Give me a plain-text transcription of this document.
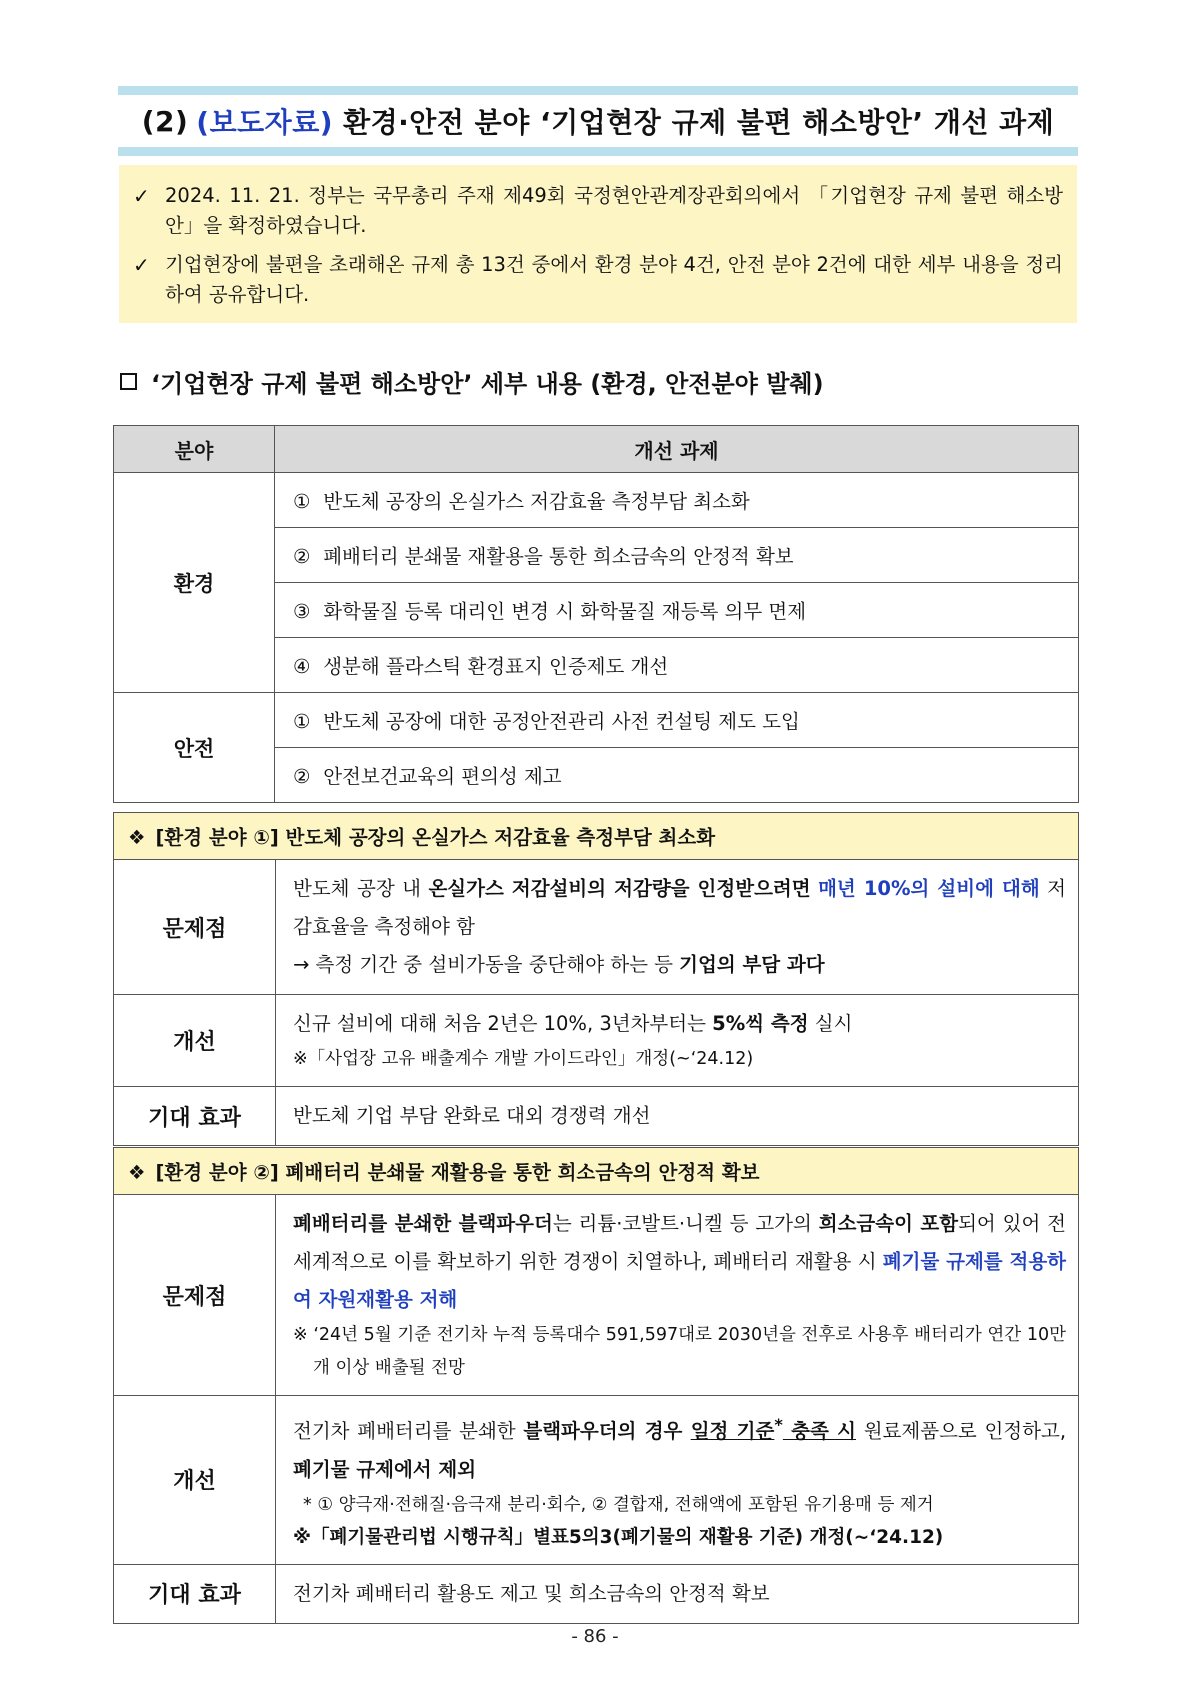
(2) (보도자료) 환경·안전 분야 ‘기업현장 규제 불편 해소방안’ 개선 과제
✓ 2024. 11. 21. 정부는 국무총리 주재 제49회 국정현안관계장관회의에서 「기업현장 규제 불편 해소방안」을 확정하였습니다.
✓ 기업현장에 불편을 초래해온 규제 총 13건 중에서 환경 분야 4건, 안전 분야 2건에 대한 세부 내용을 정리하여 공유합니다.
‘기업현장 규제 불편 해소방안’ 세부 내용 (환경, 안전분야 발췌)
분야	개선 과제
환경	① 반도체 공장의 온실가스 저감효율 측정부담 최소화
	② 폐배터리 분쇄물 재활용을 통한 희소금속의 안정적 확보
	③ 화학물질 등록 대리인 변경 시 화학물질 재등록 의무 면제
	④ 생분해 플라스틱 환경표지 인증제도 개선
안전	① 반도체 공장에 대한 공정안전관리 사전 컨설팅 제도 도입
	② 안전보건교육의 편의성 제고
❖ [환경 분야 ①] 반도체 공장의 온실가스 저감효율 측정부담 최소화	
문제점	반도체 공장 내 온실가스 저감설비의 저감량을 인정받으려면 매년 10%의 설비에 대해 저감효율을 측정해야 함
→ 측정 기간 중 설비가동을 중단해야 하는 등 기업의 부담 과다

개선	신규 설비에 대해 처음 2년은 10%, 3년차부터는 5%씩 측정 실시
※「사업장 고유 배출계수 개발 가이드라인」개정(~‘24.12)

기대 효과	반도체 기업 부담 완화로 대외 경쟁력 개선
❖ [환경 분야 ②] 폐배터리 분쇄물 재활용을 통한 희소금속의 안정적 확보	
문제점	폐배터리를 분쇄한 블랙파우더는 리튬·코발트·니켈 등 고가의 희소금속이 포함되어 있어 전세계적으로 이를 확보하기 위한 경쟁이 치열하나, 폐배터리 재활용 시 폐기물 규제를 적용하여 자원재활용 저해
※ ‘24년 5월 기준 전기차 누적 등록대수 591,597대로 2030년을 전후로 사용후 배터리가 연간 10만개 이상 배출될 전망

개선	전기차 폐배터리를 분쇄한 블랙파우더의 경우 일정 기준* 충족 시 원료제품으로 인정하고, 폐기물 규제에서 제외
* ① 양극재·전해질·음극재 분리·회수, ② 결합재, 전해액에 포함된 유기용매 등 제거
※「폐기물관리법 시행규칙」별표5의3(폐기물의 재활용 기준) 개정(~‘24.12)

기대 효과	전기차 폐배터리 활용도 제고 및 희소금속의 안정적 확보
- 86 -
